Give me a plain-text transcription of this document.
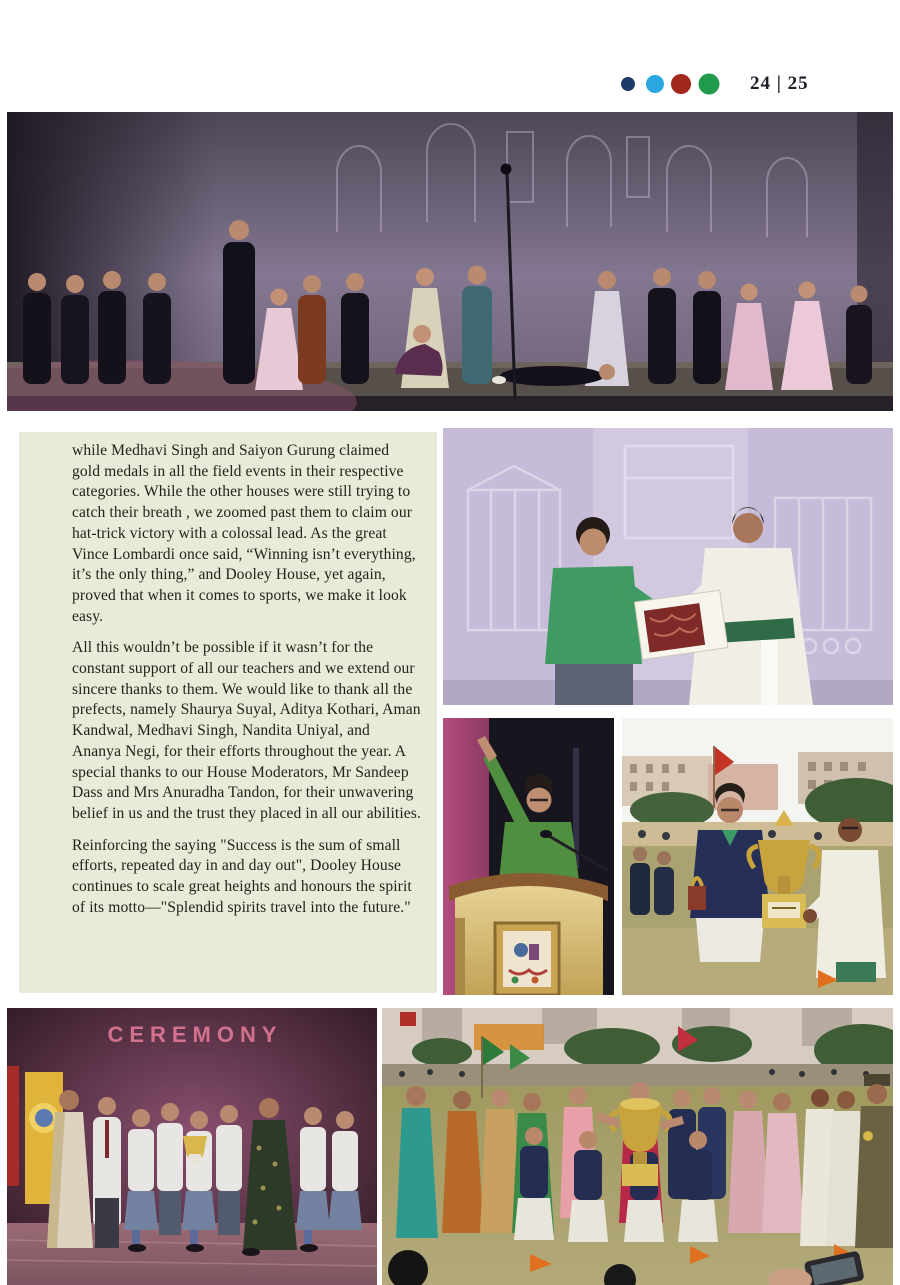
24 | 25

while Medhavi Singh and Saiyon Gurung claimed gold medals in all the field events in their respective categories. While the other houses were still trying to catch their breath , we zoomed past them to claim our hat-trick victory with a colossal lead. As the great Vince Lombardi once said, “Winning isn’t everything, it’s the only thing,” and Dooley House, yet again, proved that when it comes to sports, we make it look easy.

All this wouldn’t be possible if it wasn’t for the constant support of all our teachers and we extend our sincere thanks to them. We would like to thank all the prefects, namely Shaurya Suyal, Aditya Kothari, Aman Kandwal, Medhavi Singh, Nandita Uniyal, and Ananya Negi, for their efforts throughout the year. A special thanks to our House Moderators, Mr Sandeep Dass and Mrs Anuradha Tandon, for their unwavering belief in us and the trust they placed in all our abilities.

Reinforcing the saying "Success is the sum of small efforts, repeated day in and day out", Dooley House continues to scale great heights and honours the spirit of its motto—"Splendid spirits travel into the future."

CEREMONY
